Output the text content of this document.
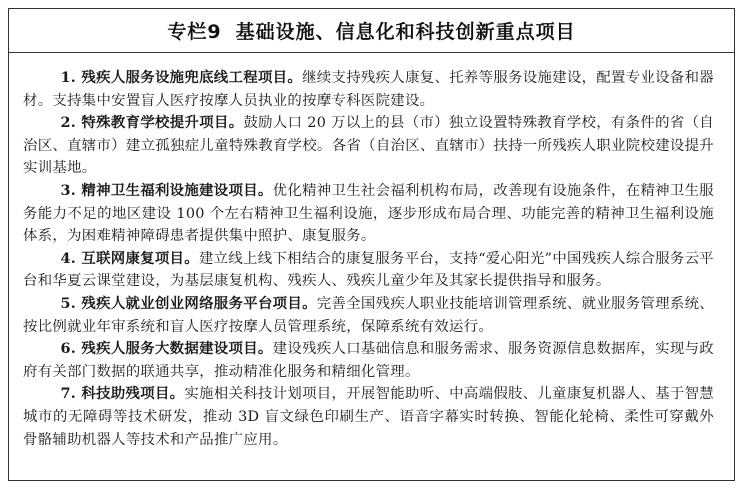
专栏9 基础设施、信息化和科技创新重点项目

1. 残疾人服务设施兜底线工程项目。继续支持残疾人康复、托养等服务设施建设，配置专业设备和器材。支持集中安置盲人医疗按摩人员执业的按摩专科医院建设。

2. 特殊教育学校提升项目。鼓励人口 20 万以上的县（市）独立设置特殊教育学校，有条件的省（自治区、直辖市）建立孤独症儿童特殊教育学校。各省（自治区、直辖市）扶持一所残疾人职业院校建设提升实训基地。

3. 精神卫生福利设施建设项目。优化精神卫生社会福利机构布局，改善现有设施条件，在精神卫生服务能力不足的地区建设 100 个左右精神卫生福利设施，逐步形成布局合理、功能完善的精神卫生福利设施体系，为困难精神障碍患者提供集中照护、康复服务。

4. 互联网康复项目。建立线上线下相结合的康复服务平台，支持“爱心阳光”中国残疾人综合服务云平台和华夏云课堂建设，为基层康复机构、残疾人、残疾儿童少年及其家长提供指导和服务。

5. 残疾人就业创业网络服务平台项目。完善全国残疾人职业技能培训管理系统、就业服务管理系统、按比例就业年审系统和盲人医疗按摩人员管理系统，保障系统有效运行。

6. 残疾人服务大数据建设项目。建设残疾人口基础信息和服务需求、服务资源信息数据库，实现与政府有关部门数据的联通共享，推动精准化服务和精细化管理。

7. 科技助残项目。实施相关科技计划项目，开展智能助听、中高端假肢、儿童康复机器人、基于智慧城市的无障碍等技术研发，推动 3D 盲文绿色印刷生产、语音字幕实时转换、智能化轮椅、柔性可穿戴外骨骼辅助机器人等技术和产品推广应用。
